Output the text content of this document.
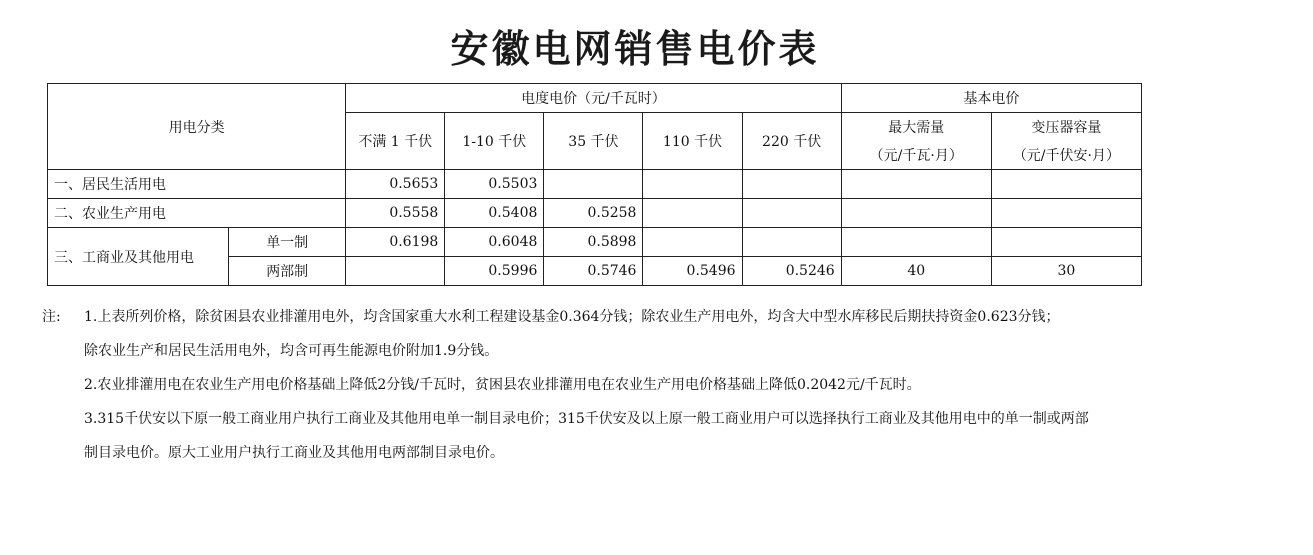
安徽电网销售电价表
用电分类		电度电价（元/千瓦时）					基本电价	
		不满 1 千伏	1-10 千伏	35 千伏	110 千伏	220 千伏	最大需量	变压器容量
							（元/千瓦·月）	（元/千伏安·月）
一、居民生活用电		0.5653	0.5503					
二、农业生产用电		0.5558	0.5408	0.5258				
三、工商业及其他用电	单一制	0.6198	0.6048	0.5898				
	两部制		0.5996	0.5746	0.5496	0.5246	40	30
注: 1.上表所列价格，除贫困县农业排灌用电外，均含国家重大水利工程建设基金0.364分钱；除农业生产用电外，均含大中型水库移民后期扶持资金0.623分钱；
除农业生产和居民生活用电外，均含可再生能源电价附加1.9分钱。
2.农业排灌用电在农业生产用电价格基础上降低2分钱/千瓦时，贫困县农业排灌用电在农业生产用电价格基础上降低0.2042元/千瓦时。
3.315千伏安以下原一般工商业用户执行工商业及其他用电单一制目录电价；315千伏安及以上原一般工商业用户可以选择执行工商业及其他用电中的单一制或两部
制目录电价。原大工业用户执行工商业及其他用电两部制目录电价。
